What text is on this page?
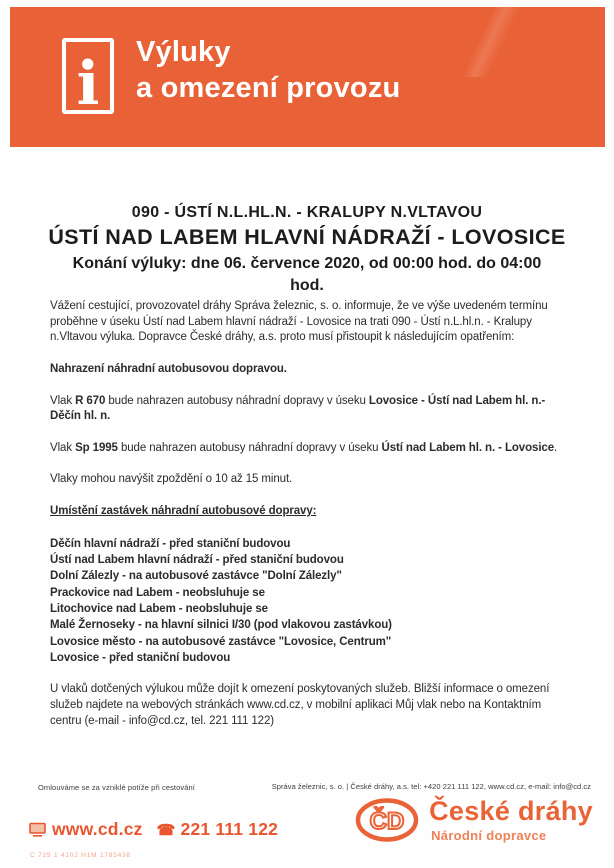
i Výluky
a omezení provozu
090 - ÚSTÍ N.L.HL.N. - KRALUPY N.VLTAVOU
ÚSTÍ NAD LABEM HLAVNÍ NÁDRAŽÍ - LOVOSICE
Konání výluky: dne 06. července 2020, od 00:00 hod. do 04:00
hod.

Vážení cestující, provozovatel dráhy Správa železnic, s. o. informuje, že ve výše uvedeném termínu proběhne v úseku Ústí nad Labem hlavní nádraží - Lovosice na trati 090 - Ústí n.L.hl.n. - Kralupy n.Vltavou výluka. Dopravce České dráhy, a.s. proto musí přistoupit k následujícím opatřením:

Nahrazení náhradní autobusovou dopravou.

Vlak R 670 bude nahrazen autobusy náhradní dopravy v úseku Lovosice - Ústí nad Labem hl. n.- Děčín hl. n.

Vlak Sp 1995 bude nahrazen autobusy náhradní dopravy v úseku Ústí nad Labem hl. n. - Lovosice.

Vlaky mohou navýšit zpoždění o 10 až 15 minut.

Umístění zastávek náhradní autobusové dopravy:

Děčín hlavní nádraží - před staniční budovou
Ústí nad Labem hlavní nádraží - před staniční budovou
Dolní Zálezly - na autobusové zastávce "Dolní Zálezly"
Prackovice nad Labem - neobsluhuje se
Litochovice nad Labem - neobsluhuje se
Malé Žernoseky - na hlavní silnici I/30 (pod vlakovou zastávkou)
Lovosice město - na autobusové zastávce "Lovosice, Centrum"
Lovosice - před staniční budovou

U vlaků dotčených výlukou může dojít k omezení poskytovaných služeb. Bližší informace o omezení služeb najdete na webových stránkách www.cd.cz, v mobilní aplikaci Můj vlak nebo na Kontaktním centru (e-mail - info@cd.cz, tel. 221 111 122)

Omlouváme se za vzniklé potíže při cestování	Správa železnic, s. o. | České dráhy, a.s. tel: +420 221 111 122, www.cd.cz, e-mail: info@cd.cz
ČD České dráhy
Národní dopravce
www.cd.cz ☎ 221 111 122
C 725 1 4102 H1M 1785438
